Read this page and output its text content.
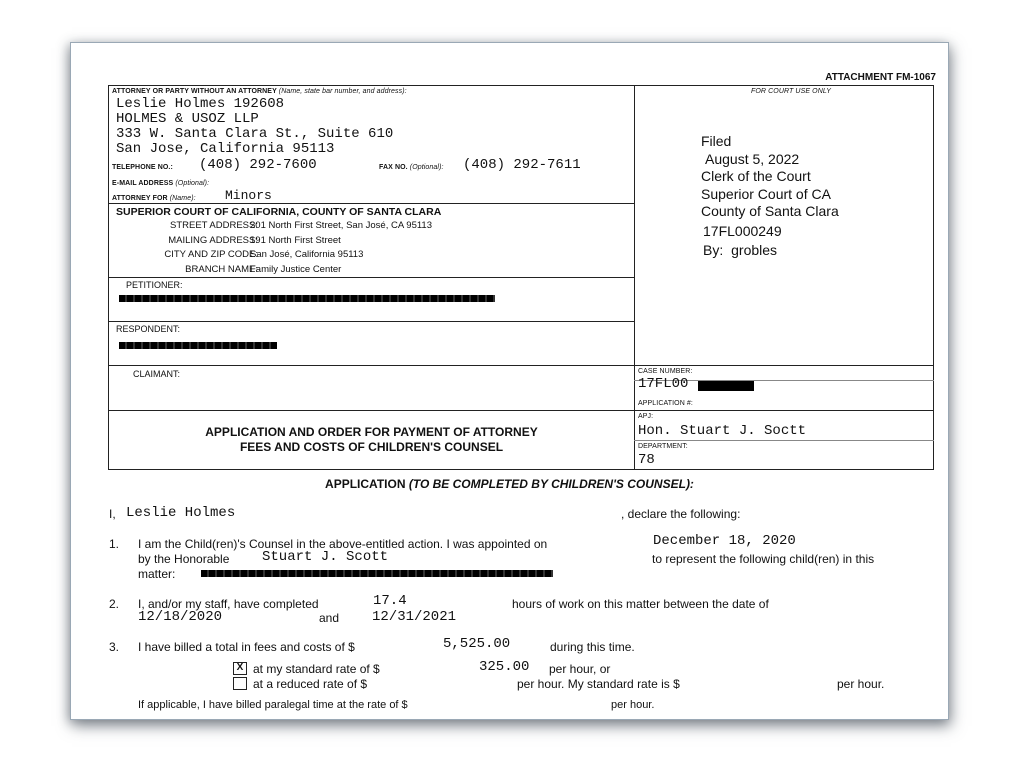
ATTACHMENT FM-1067
ATTORNEY OR PARTY WITHOUT AN ATTORNEY (Name, state bar number, and address):	FOR COURT USE ONLY
Leslie Holmes 192608
HOLMES & USOZ LLP
333 W. Santa Clara St., Suite 610
San Jose, California 95113
TELEPHONE NO.: (408) 292-7600	FAX NO. (Optional): (408) 292-7611
E-MAIL ADDRESS (Optional):
ATTORNEY FOR (Name): Minors
SUPERIOR COURT OF CALIFORNIA, COUNTY OF SANTA CLARA
STREET ADDRESS:
201 North First Street, San José, CA 95113
MAILING ADDRESS:
191 North First Street
CITY AND ZIP CODE:
San José, California 95113
BRANCH NAME:
Family Justice Center
Filed
August 5, 2022
Clerk of the Court
Superior Court of CA
County of Santa Clara
17FL000249
By: grobles
PETITIONER:
RESPONDENT:
CLAIMANT:	CASE NUMBER:
17FL00
APPLICATION #:
APJ:
Hon. Stuart J. Soctt
DEPARTMENT:
78
APPLICATION AND ORDER FOR PAYMENT OF ATTORNEY
FEES AND COSTS OF CHILDREN'S COUNSEL
APPLICATION (TO BE COMPLETED BY CHILDREN'S COUNSEL):
I, Leslie Holmes	, declare the following:
1. I am the Child(ren)'s Counsel in the above-entitled action. I was appointed on	December 18, 2020
by the Honorable Stuart J. Scott	to represent the following child(ren) in this
matter:
2. I, and/or my staff, have completed	17.4	hours of work on this matter between the date of
12/18/2020	and 12/31/2021
3. I have billed a total in fees and costs of $	5,525.00	during this time.
X at my standard rate of $	325.00 per hour, or
at a reduced rate of $	per hour. My standard rate is $	per hour.
If applicable, I have billed paralegal time at the rate of $	per hour.
